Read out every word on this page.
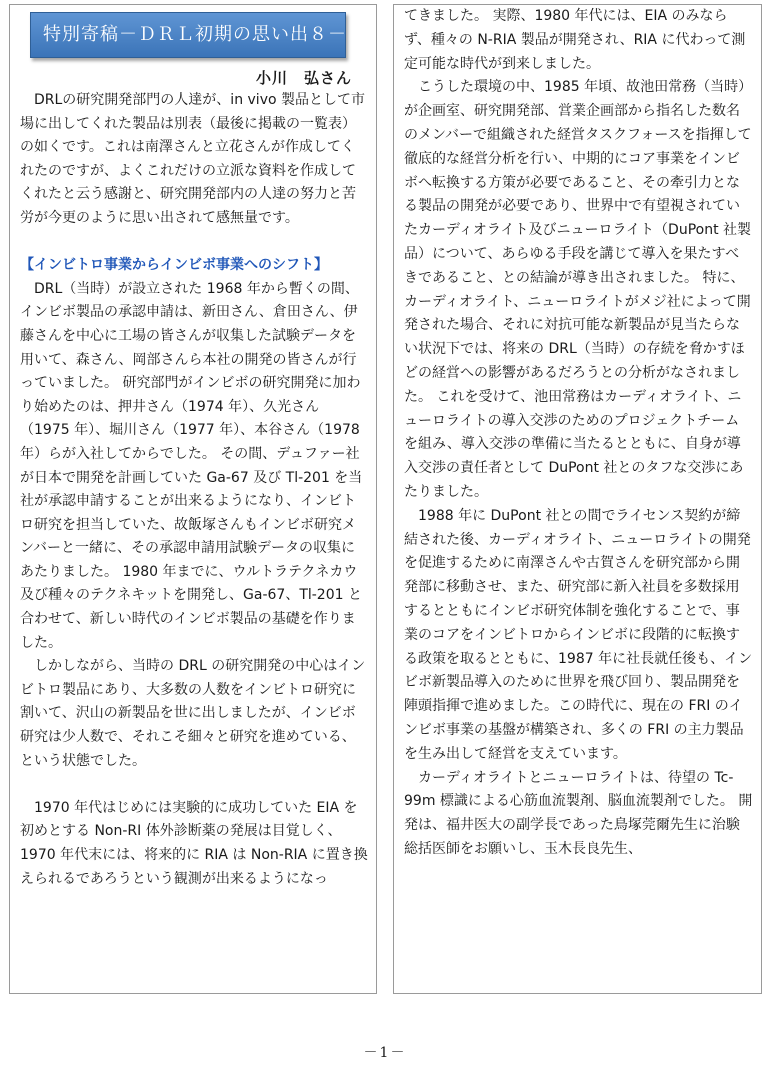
特別寄稿－ＤＲＬ初期の思い出８－
小川　弘さん

DRLの研究開発部門の人達が、in vivo 製品として市場に出してくれた製品は別表（最後に掲載の一覧表）の如くです。これは南澤さんと立花さんが作成してくれたのですが、よくこれだけの立派な資料を作成してくれたと云う感謝と、研究開発部内の人達の努力と苦労が今更のように思い出されて感無量です。

【インビトロ事業からインビボ事業へのシフト】

DRL（当時）が設立された 1968 年から暫くの間、インビボ製品の承認申請は、新田さん、倉田さん、伊藤さんを中心に工場の皆さんが収集した試験データを用いて、森さん、岡部さんら本社の開発の皆さんが行っていました。 研究部門がインビボの研究開発に加わり始めたのは、押井さん（1974 年）、久光さん（1975 年）、堀川さん（1977 年）、本谷さん（1978 年）らが入社してからでした。 その間、デュファー社が日本で開発を計画していた Ga-67 及び Tl-201 を当社が承認申請することが出来るようになり、インビトロ研究を担当していた、故飯塚さんもインビボ研究メンバーと一緒に、その承認申請用試験データの収集にあたりました。 1980 年までに、ウルトラテクネカウ及び種々のテクネキットを開発し、Ga-67、Tl-201 と合わせて、新しい時代のインビボ製品の基礎を作りました。

しかしながら、当時の DRL の研究開発の中心はインビトロ製品にあり、大多数の人数をインビトロ研究に割いて、沢山の新製品を世に出しましたが、インビボ研究は少人数で、それこそ細々と研究を進めている、という状態でした。

1970 年代はじめには実験的に成功していた EIA を初めとする Non-RI 体外診断薬の発展は目覚しく、1970 年代末には、将来的に RIA は Non-RIA に置き換えられるであろうという観測が出来るようになっ

てきました。 実際、1980 年代には、EIA のみならず、種々の N-RIA 製品が開発され、RIA に代わって測定可能な時代が到来しました。

こうした環境の中、1985 年頃、故池田常務（当時）が企画室、研究開発部、営業企画部から指名した数名のメンバーで組織された経営タスクフォースを指揮して徹底的な経営分析を行い、中期的にコア事業をインビボへ転換する方策が必要であること、その牽引力となる製品の開発が必要であり、世界中で有望視されていたカーディオライト及びニューロライト（DuPont 社製品）について、あらゆる手段を講じて導入を果たすべきであること、との結論が導き出されました。 特に、カーディオライト、ニューロライトがメジ社によって開発された場合、それに対抗可能な新製品が見当たらない状況下では、将来の DRL（当時）の存続を脅かすほどの経営への影響があるだろうとの分析がなされました。 これを受けて、池田常務はカーディオライト、ニューロライトの導入交渉のためのプロジェクトチームを組み、導入交渉の準備に当たるとともに、自身が導入交渉の責任者として DuPont 社とのタフな交渉にあたりました。

1988 年に DuPont 社との間でライセンス契約が締結された後、カーディオライト、ニューロライトの開発を促進するために南澤さんや古賀さんを研究部から開発部に移動させ、また、研究部に新入社員を多数採用するとともにインビボ研究体制を強化することで、事業のコアをインビトロからインビボに段階的に転換する政策を取るとともに、1987 年に社長就任後も、インビボ新製品導入のために世界を飛び回り、製品開発を陣頭指揮で進めました。この時代に、現在の FRI のインビボ事業の基盤が構築され、多くの FRI の主力製品を生み出して経営を支えています。

カーディオライトとニューロライトは、待望の Tc-99m 標識による心筋血流製剤、脳血流製剤でした。 開発は、福井医大の副学長であった鳥塚莞爾先生に治験総括医師をお願いし、玉木長良先生、

－1－
